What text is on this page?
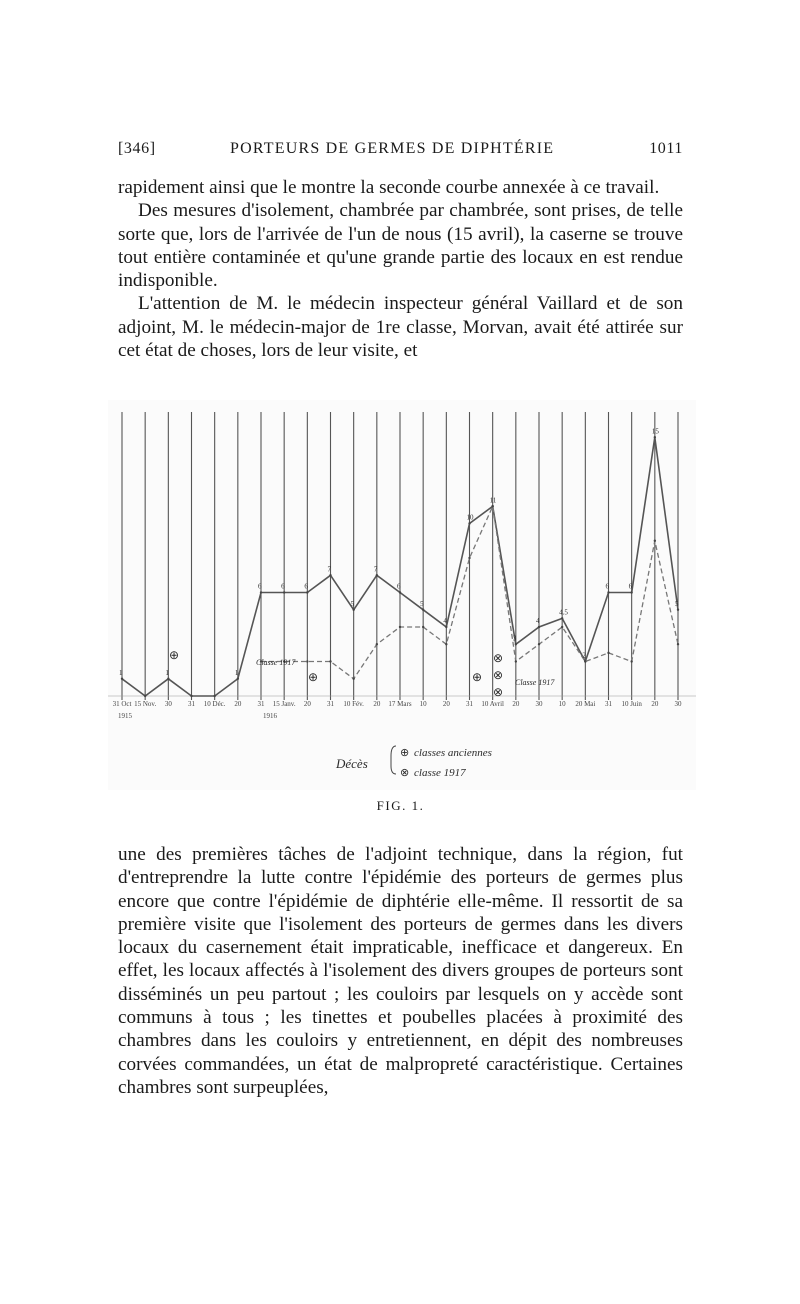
[346]	PORTEURS DE GERMES DE DIPHTÉRIE	1011

rapidement ainsi que le montre la seconde courbe annexée à ce travail.

Des mesures d'isolement, chambrée par chambrée, sont prises, de telle sorte que, lors de l'arrivée de l'un de nous (15 avril), la caserne se trouve tout entière contaminée et qu'une grande partie des locaux en est rendue indisponible.

L'attention de M. le médecin inspecteur général Vaillard et de son adjoint, M. le médecin-major de 1re classe, Morvan, avait été attirée sur cet état de choses, lors de leur visite, et

31 Oct 15 Nov. 30 31 10 Déc. 20 31 15 Janv. 20 31 10 Fév. 20 17 Mars 10 20 31 10 Avril 20 30 10 20 Mai 31 10 Juin 20 30
1915	1916
1	1	1
6	6	6
7
5
7
6
5
4
10
11
3
4
4.5
2
6	6
15
5
Classe 1917
Classe 1917
⊕
⊕	⊕ ⊗
⊗
⊗
Décès
⊕ classes anciennes
⊗ classe 1917
FIG. 1.

une des premières tâches de l'adjoint technique, dans la région, fut d'entreprendre la lutte contre l'épidémie des porteurs de germes plus encore que contre l'épidémie de diphtérie elle-même. Il ressortit de sa première visite que l'isolement des porteurs de germes dans les divers locaux du casernement était impraticable, inefficace et dangereux. En effet, les locaux affectés à l'isolement des divers groupes de porteurs sont disséminés un peu partout ; les couloirs par lesquels on y accède sont communs à tous ; les tinettes et poubelles placées à proximité des chambres dans les couloirs y entretiennent, en dépit des nombreuses corvées commandées, un état de malpropreté caractéristique. Certaines chambres sont surpeuplées,
